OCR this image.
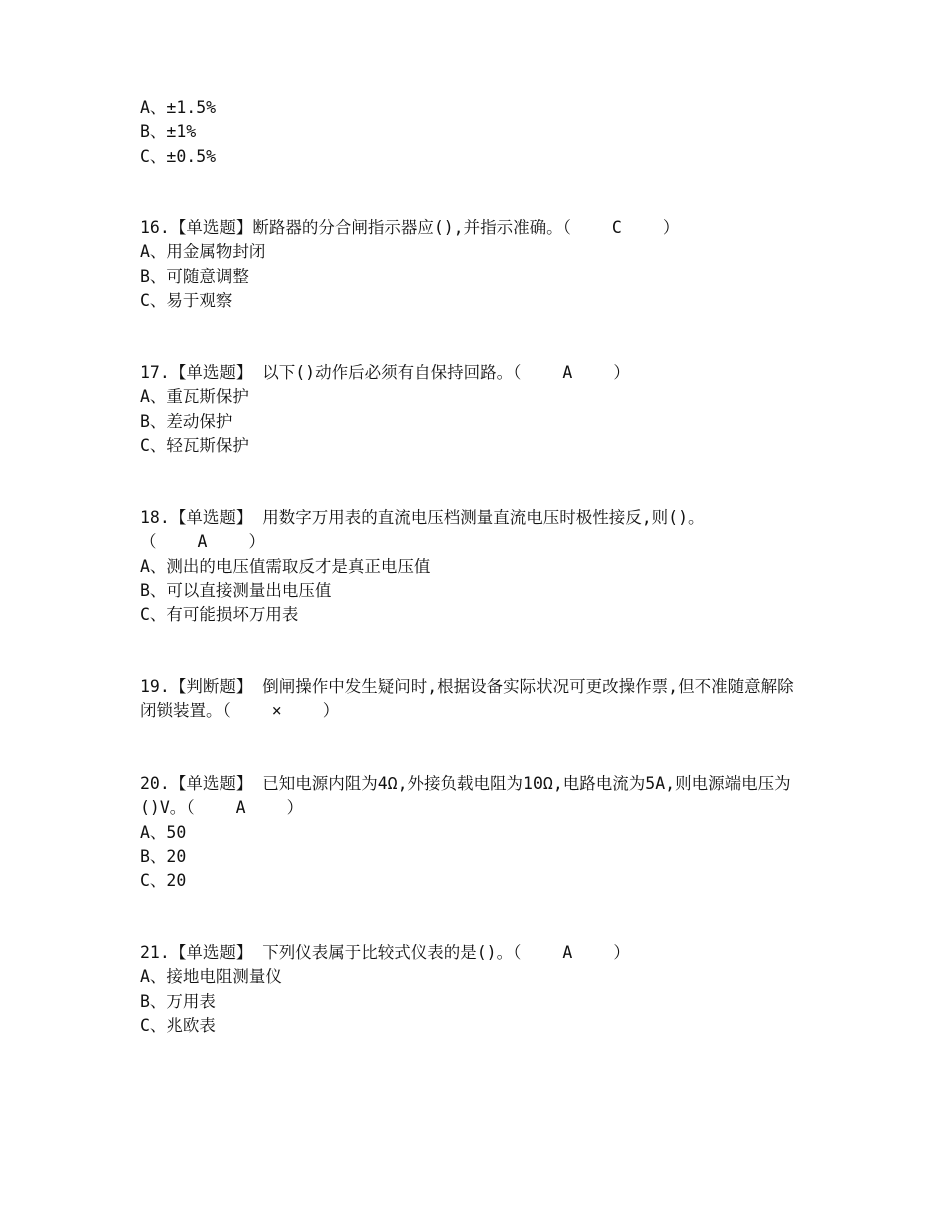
A、±1.5%
B、±1%
C、±0.5%
16.【单选题】断路器的分合闸指示器应(),并指示准确。（ C ）
A、用金属物封闭
B、可随意调整
C、易于观察
17.【单选题】 以下()动作后必须有自保持回路。（ A ）
A、重瓦斯保护
B、差动保护
C、轻瓦斯保护
18.【单选题】 用数字万用表的直流电压档测量直流电压时极性接反,则()。 （ A ）
A、测出的电压值需取反才是真正电压值
B、可以直接测量出电压值
C、有可能损坏万用表
19.【判断题】 倒闸操作中发生疑问时,根据设备实际状况可更改操作票,但不准随意解除闭锁装置。（ × ）
20.【单选题】 已知电源内阻为4Ω,外接负载电阻为10Ω,电路电流为5A,则电源端电压为()V。（ A ）
A、50
B、20
C、20
21.【单选题】 下列仪表属于比较式仪表的是()。（ A ）
A、接地电阻测量仪
B、万用表
C、兆欧表
